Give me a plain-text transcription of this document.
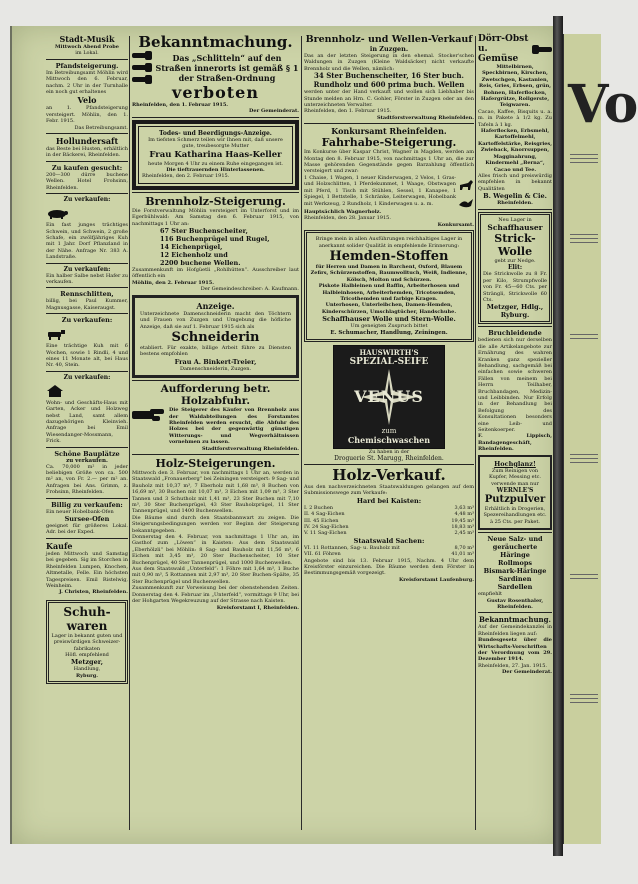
Vo
Stadt-Musik
Mittwoch Abend Probe
im Lokal.
Pfandsteigerung.

Im Betreibungsamt Möhlin wird Mittwoch den 6. Februar, nachm. 2 Uhr in der Turnhalle ein noch gut erhaltenes

Velo

an 1. Pfandsteigerung versteigert. Möhlin, den 1. Febr. 1915.

Das Betreibungsamt.

Hollundersaft

das Beste bei Husten, erhältlich in der Bäckerei, Rheinfelden.

Zu kaufen gesucht:

200—300 dürre buchene Wellen. Hotel Frohsinn, Rheinfelden.

Zu verkaufen:

Ein fast junges trächtiges Schwein, und Schwein, 2 große Schafe, ein zwölfjähriges Kuh mit 1 Jahr. Dorf Pflanzland in der Nähe. Anfrage Nr. 383 A. Landstraße.

Zu verkaufen:

Ein halber Salbe nebst Hafer zu verkaufen.

Rennschlitten,

billig, bei Paul Kummer, Magnusgasse, Kaiseraugst.

Zu verkaufen:

Eine trächtige Kuh mit 6 Wochen, sowie 1 Rindli, 4 und eines 11 Monate alt, bei Haus Nr. 40, Stein.

Zu verkaufen:

Wohn- und Geschäfts-Haus mit Garten, Acker und Holzweg nebst Land, samt allem dazugehörigen Kleinvieh. Anfrage bei Emil Wiesendanger-Mossmann, Frick.

Schöne Bauplätze
zu verkaufen.

Ca. 70,000 m² in jeder beliebigen Größe von ca. 500 m² an, von Fr. 2.— per m² an. Anfragen bei Ans. Grimm, z. Frohsinn, Rheinfelden.

Billig zu verkaufen:

Ein neuer Hobelbank-Ofen

Sursee-Ofen

geeignet für größeres Lokal. Adr. bei der Exped.

Kaufe

jeden Mittwoch und Samstag bei gegeben. Sig im Storchen in Rheinfelden Lumpen, Knochen, Altmetalle, Felle. Ein höchsten Tagespreisen. Emil Ristelwig, Weinheim.

J. Christen, Rheinfelden.

Schuh-waren

Lager in bekannt guten und preiswürdigen Schweizer-fabrikaten

Höfl. empfehlend

Metzger,

Handlung,

Ryburg.

Bekanntmachung.
Das „Schlitteln“ auf den Straßen innerorts ist gemäß § 1 der Straßen-Ordnung
verboten

Rheinfelden, den 1. Februar 1915.

Der Gemeinderat.

Todes- und Beerdigungs-Anzeige.

Im tiefsten Schmerz teilen wir Ihnen mit, daß unsere gute, treubesorgte Mutter

Frau Katharina Haas-Keller

heute Morgen 4 Uhr zu einem Ruhe eingegangen ist.

Die tieftrauernden Hinterlassenen.

Rheinfelden, den 2. Februar 1915.

Brennholz-Steigerung.

Die Forstverwaltung Möhlin versteigert im Unterforst und im Egerbühlwald: Am Samstag den 6. Februar 1915, von nachmittags 1 Uhr an:

67 Ster Buchenscheiter,
116 Buchenprügel und Rugel,
14 Eichenprügel,
12 Eichenholz und
2200 buchene Wellen.

Zusammenkunft im Hofgüetli „Rohlhütten“. Ausschreiber laut öffentlich ein

Möhlin, den 2. Februar 1915.

Der Gemeindeschreiber: A. Kaufmann.

Anzeige.

Unterzeichnete Damenschneiderin macht den Töchtern und Frauen von Zuzgen und Umgebung die höfliche Anzeige, daß sie auf 1. Februar 1915 sich als

Schneiderin

etabliert. Für exakte, billige Arbeit führe zu Diensten bestens empfohlen

Frau A. Binkert-Treier,

Damenschneiderin, Zuzgen.

Aufforderung betr. Holzabfuhr.

Die Steigerer des Käufer von Brennholz aus der Waldabteilungen des Forstamtes Rheinfelden werden ersucht, die Abfuhr des Holzes bei der gegenwärtig günstigen Witterungs- und Wegverhältnissen vornehmen zu lassen.

Stadtforstverwaltung Rheinfelden.

Holz-Steigerungen.

Mittwoch den 3. Februar, von nachmittags 1 Uhr an, werden in Staatswald „Fronauerberg“ bei Zeiningen versteigert: 9 Sag- und Bauholz mit 10,37 m³, 7 Eberholz mit 1,68 m³, 8 Buchen von 16,69 m³, 30 Buchen mit 10,07 m³, 3 Eichen mit 1,09 m³, 3 Ster Tannen und 3 Schutholz mit 1,41 m³, 23 Ster Buchen mit 7,10 m³, 30 Ster Buchenprügel, 43 Ster Bauholzprügel, 11 Ster Tannenprügel, und 1400 Buchenwellen.

Die Bäume sind durch den Staatsbannwart zu zeigen. Die Steigerungsbedingungen werden vor Beginn der Steigerung bekanntgegeben.

Donnerstag den 4. Februar, von nachmittags 1 Uhr an, im Gasthof zum „Löwen“ in Kaisten: Aus dem Staatswald „Eberhölzli“ bei Möhlin: 8 Sag- und Bauholz mit 11,56 m³, 6 Eichen mit 3,45 m³, 20 Ster Buchenscheiter, 10 Ster Buchenprügel, 40 Ster Tannenprügel, und 1000 Buchenwellen.

Aus dem Staatswald „Unterfeld“: 1 Föhre mit 1,64 m³, 1 Buche mit 0,90 m³, 5 Rottannen mit 2,97 m³, 20 Ster Buchen-Spälte, 35 Ster Buchenprügel und Buchenwellen.

Zusammenkunft zur Vorweisung bei der obenstehenden Zeiten. Donnerstag den 4. Februar im „Unterfeld“, vormittags 9 Uhr, bei der Hohgarten Wegekreuzung auf der Strasse nach Kaisten.

Kreisforstamt I, Rheinfelden.

Brennholz- und Wellen-Verkauf
in Zuzgen.

Das an der letzten Steigerung in den ehemal. Stocker'schen Waldungen in Zuzgen (Kleine Waldsäcker) nicht verkaufte Brennholz und die Wellen, nämlich:

34 Ster Buchenscheiter, 16 Ster buch. Rundholz und 600 prima buch. Wellen

werden unter der Hand verkauft und wollen sich Liebhaber bis Stunde melden an Hrn. C. Gohler, Förster in Zuzgen oder an den unterzeichneten Verwalter.

Rheinfelden, den 1. Februar 1915.

Stadtforstverwaltung Rheinfelden.

Konkursamt Rheinfelden.
Fahrhabe-Steigerung.

Im Konkurse über Kaspar Christ, Wagner in Magden, werden am Montag den 8. Februar 1915, von nachmittags 1 Uhr an, die zur Masse gehörenden Gegenstände gegen Barzahlung öffentlich versteigert und zwar:

1 Chaise, 1 Wagen, 1 neuer Kinderwagen, 2 Velos, 1 Gras- und Holzschlitten, 1 Pferdekummet, 1 Waage, Obstwagen mit Pferd, 1 Tisch mit Stühlen, Sessel, 1 Kanapee, 1 Spiegel, 1 Bettstelle, 1 Schränke, Leiterwagen, Hobelbank mit Werkzeug, 2 Rundholz, 1 Kinderwagen u. a. m.

Hauptsächlich Wagnerholz.

Rheinfelden, den 28. Januar 1915.

Konkursamt.

Bringe mein in allen Ausführungen reichhaltiges Lager in anerkannt solider Qualität in empfehlende Erinnerung:

Hemden-Stoffen

für Herren und Damen in Barchent, Oxford, Blauem Zefirs, Schürzenstoffen, Baumwolltuch, Weiß, Indienne, Kölsch, Molton und Schürzen.

Piskote Halbleinen und Baffin, Arbeiterhosen und Halbleinhosen, Arbeiterhemden, Tricotsemden, Tricothemden und farbige Kragen.

Unterhosen, Unterleibchen, Damen-Hemden, Kinderschürzen, Umschlagtücher, Handschuhe.

Schaffhauser Wolle und Stern-Wolle.

Um geneigten Zuspruch bittet

E. Schumacher, Handlung, Zeiningen.
HAUSWIRTH'S
SPEZIAL-SEIFE
VENUS
zum
Chemischwaschen

Zu haben in der

Droguerie St. Marugg, Rheinfelden.
Holz-Verkauf.

Aus den nachverzeichneten Staatswaldungen gelangen auf dem Submissionswege zum Verkaufe:

Hard bei Kaisten:
I. 2 Buchen	3,63 m³
II. 4 Sag-Eichen	4,48 m³
III. 45 Eichen	19,45 m³
IV. 24 Sag-Eichen	18,83 m³
V. 11 Sag-Eichen	2,45 m³
Staatswald Sachen:
VI. 11 Rottannen, Sag- u. Bauholz mit	8,70 m³
VII. 61 Föhren	41,01 m³

Angebote sind bis 13. Februar 1915, Nachm. 4 Uhr dem Kreisförster einzureichen. Die Bäume werden dem Förster in Bestimmungsgemäß vorgezeigt.

Kreisforstamt Laufenburg.

Dörr-Obst u. Gemüse

Mittelbirnen, Speckbirnen, Kirschen, Zwetschgen, Kastanien, Reis, Gries, Erbsen, grün, Bohnen, Haferflocken, Hafergrütze, Rollgerste, Teigwaren.

Cacao, Kaffee, Bisquits u. a. m. in Pakete à 1/2 kg. Zu Tafeln à 1 kg.

Haferflocken, Erbsmehl, Kartoffelmehl, Kartoffelstärke, Reisgries, Zwieback, Knorrsuppen, Magginahrung, Kindermehl „Berna“, Cacao und Tee.

Alles frisch und preiswürdig empfehlen in bekannt Qualitäten

B. Wegelin & Cie.

Rheinfelden.

Neu Lager in

Schaffhauser
Strick-Wolle

gebt zur Nedge.

Elit:

Die Strickwolle zu 8 Fr. per Kilo, Strumpfwolle von Fr. 45—60 Cts. per Strängli, Strickwolle 60 Cts.

Metzger, Hdlg., Ryburg.
Bruchleidende

bedienen sich nur derselben die alle Artikelangebote zur Ernährung des wahren Kranken ganz spezieller Behandlung, sachgemäß bei einfachen sowie schweren Fällen von meinem bei Herrn Teilhaber, Bruchbandagen, Medizin- und Leibbinden. Nur Erfolg in der Behandlung bei Befolgung des Konsultationen besonders eine Leib- und Seitenkoerper.

F. Lippisch, Bandagengeschäft, Rheinfelden.

Hochglanz!

Zum Reinigen von Kupfer, Messing etc. verwende man nur

WERNLE'S
Putzpulver

Erhältlich in Drogerien, Spezereihandlungen etc.

à 25 Cts. per Paket.

Neue Salz- und geräucherte Häringe
Rollmops
Bismark-Häringe
Sardinen
Sardellen

empfiehlt

Gustav Rosenthaler, Rheinfelden.

Bekanntmachung.

Auf der Gemeindekanzlei in Rheinfelden liegen auf:

Bundesgesetz über die Wirtschafts-Vorschriften der Verordnung vom 29. Dezember 1914.

Rheinfelden, 27. Jan. 1915.

Der Gemeinderat.
